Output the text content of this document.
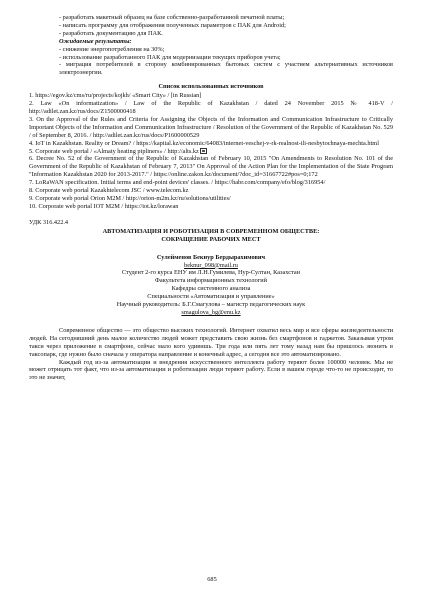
- разработать макетный образец на базе собственно-разработанной печатной платы;
- написать программу для отображения полученных параметров с ПАК для Android;
- разработать документацию для ПАК.
Ожидаемые результаты:
- снижение энергопотребления на 30%;
- использование разработанного ПАК для модернизации текущих приборов учета;
- миграция потребителей в сторону комбинированных бытовых систем с участием альтернативных источников электроэнергии.
Список использованных источников
1. https://egov.kz/cms/ru/projects/kojkh/ «Smart City» / [in Russian]
2. Law «On informatization» / Law of the Republic of Kazakhstan / dated 24 November 2015 № 418-V / http://adilet.zan.kz/rus/docs/Z1500000418
3. On the Approval of the Rules and Criteria for Assigning the Objects of the Information and Communication Infrastructure to Critically Important Objects of the Information and Communication Infrastructure / Resolution of the Government of the Republic of Kazakhstan No. 529 / of September 8, 2016. / http://adilet.zan.kz/rus/docs/P1600000529
4. IoT in Kazakhstan. Reality or Dream? / https://kapital.kz/economic/64083/internet-veschej-v-rk-realnost-ili-nesbytochnaya-mechta.html
5. Corporate web portal / «Almaty heating pipliners» / http://alts.kz
6. Decree No. 52 of the Government of the Republic of Kazakhstan of February 10, 2015 "On Amendments to Resolution No. 101 of the Government of the Republic of Kazakhstan of February 7, 2013" On Approval of the Action Plan for the Implementation of the State Program "Information Kazakhstan 2020 for 2013-2017." / https://online.zakon.kz/document/?doc_id=31667722#pos=0;172
7. LoRaWAN specification. Initial terms and end-point devices' classes. / https://habr.com/company/efo/blog/316954/
8. Corporate web portal Kazakhtelecom JSC / www.telecom.kz
9. Corporate web portal Orion M2M / http://orion-m2m.kz/ru/solutions/utilities/
10. Corporate web portal IOT M2M / https://iot.kz/lorawan
УДК 316.422.4
АВТОМАТИЗАЦИЯ И РОБОТИЗАЦИЯ В СОВРЕМЕННОМ ОБЩЕСТВЕ:
СОКРАЩЕНИЕ РАБОЧИХ МЕСТ
Сулейменов Бекнур Бердырахимович
beknur_098@mail.ru
Студент 2-го курса ЕНУ им Л.Н.Гумилева, Нур-Султан, Казахстан
Факультета информационных технологий
Кафедры системного анализа
Специальности «Автоматизация и управление»
Научный руководитель: Б.Г.Смагулова – магистр педагогических наук
smagulova_bg@enu.kz
Современное общество — это общество высоких технологий. Интернет охватил весь мир и все сферы жизнедеятельности людей. На сегодняшний день малое количество людей может представить свою жизнь без смартфонов и гаджетов. Заказывая утром такси через приложение в смартфоне, сейчас мало кого удивишь. Три года или пять лет тому назад нам бы пришлось звонить в таксопарк, где нужно было сначала у оператора направление и конечный адрес, а сегодня все это автоматизировано.
Каждый год из-за автоматизации и внедрения искусственного интеллекта работу теряют более 100000 человек. Мы не может отрицать тот факт, что из-за автоматизации и роботизации люди теряют работу. Если в вашем городе что-то не происходит, то это не значит,
685
